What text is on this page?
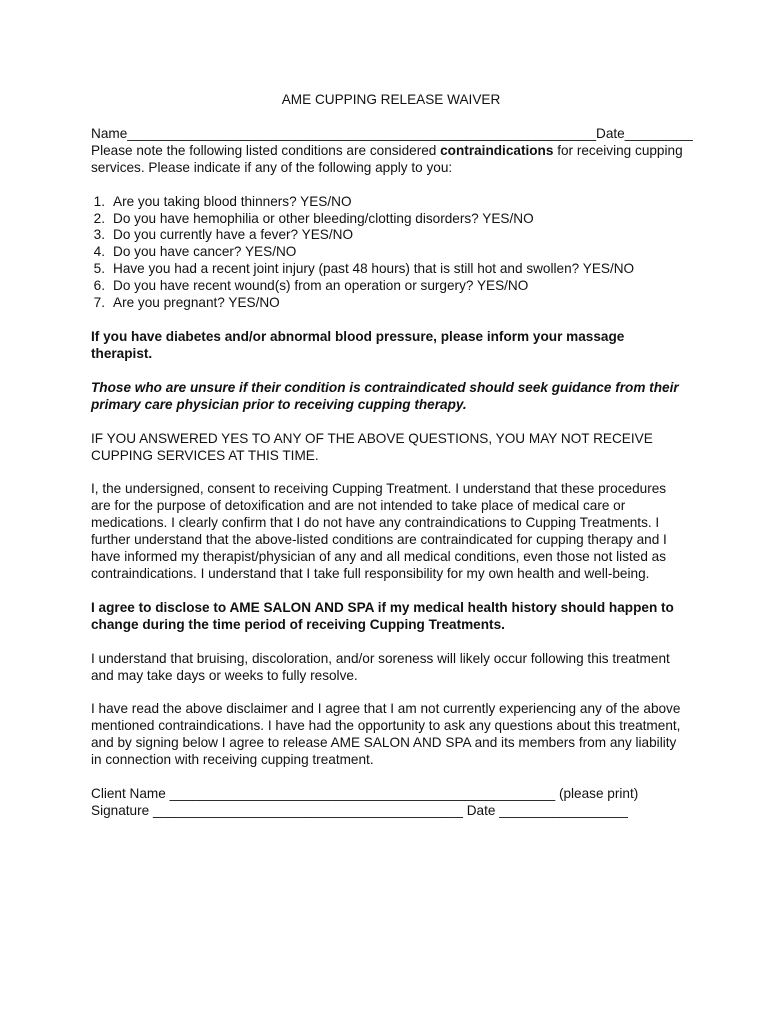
AME CUPPING RELEASE WAIVER
Name ______________________________________________________________ Date _________

Please note the following listed conditions are considered contraindications for receiving cupping services. Please indicate if any of the following apply to you:

Are you taking blood thinners? YES/NO
Do you have hemophilia or other bleeding/clotting disorders? YES/NO
Do you currently have a fever? YES/NO
Do you have cancer? YES/NO
Have you had a recent joint injury (past 48 hours) that is still hot and swollen? YES/NO
Do you have recent wound(s) from an operation or surgery? YES/NO
Are you pregnant? YES/NO

If you have diabetes and/or abnormal blood pressure, please inform your massage therapist.

Those who are unsure if their condition is contraindicated should seek guidance from their primary care physician prior to receiving cupping therapy.

IF YOU ANSWERED YES TO ANY OF THE ABOVE QUESTIONS, YOU MAY NOT RECEIVE CUPPING SERVICES AT THIS TIME.

I, the undersigned, consent to receiving Cupping Treatment. I understand that these procedures are for the purpose of detoxification and are not intended to take place of medical care or medications. I clearly confirm that I do not have any contraindications to Cupping Treatments. I further understand that the above-listed conditions are contraindicated for cupping therapy and I have informed my therapist/physician of any and all medical conditions, even those not listed as contraindications. I understand that I take full responsibility for my own health and well-being.

I agree to disclose to AME SALON AND SPA if my medical health history should happen to change during the time period of receiving Cupping Treatments.

I understand that bruising, discoloration, and/or soreness will likely occur following this treatment and may take days or weeks to fully resolve.

I have read the above disclaimer and I agree that I am not currently experiencing any of the above mentioned contraindications. I have had the opportunity to ask any questions about this treatment, and by signing below I agree to release AME SALON AND SPA and its members from any liability in connection with receiving cupping treatment.

Client Name ___________________________________________________ (please print)
Signature _________________________________________ Date _________________
